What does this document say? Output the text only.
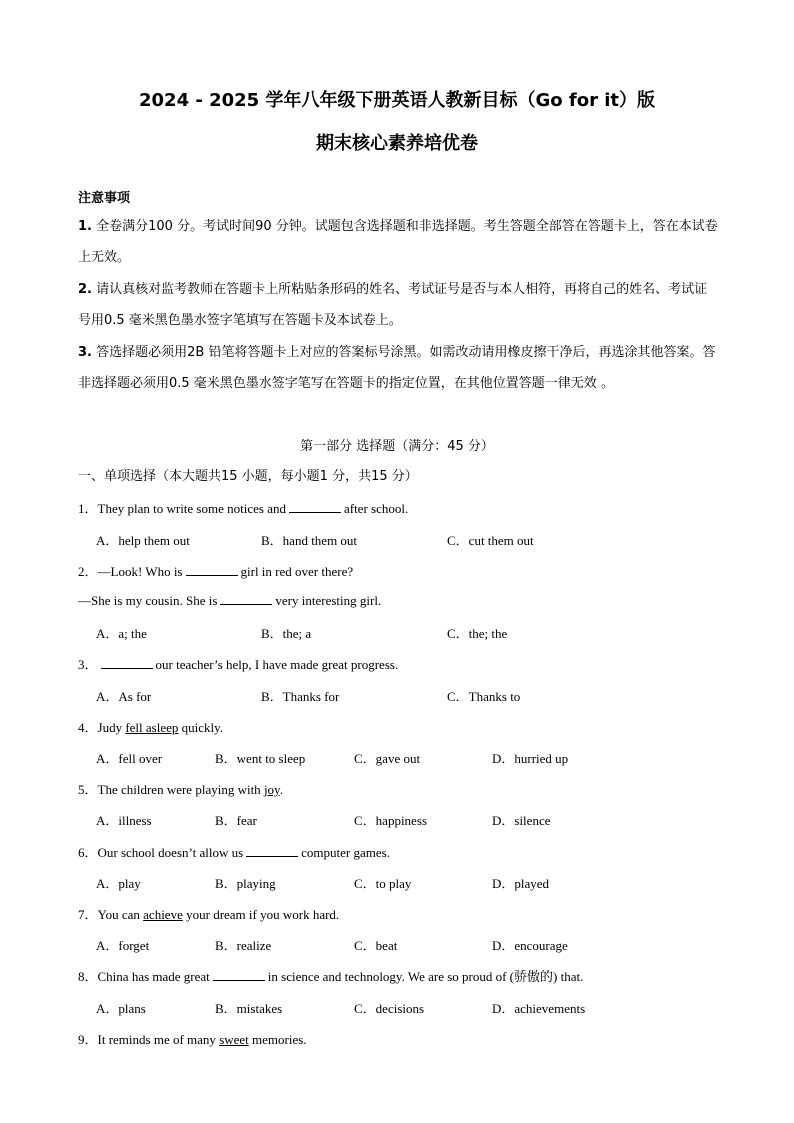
2024 - 2025 学年八年级下册英语人教新目标（Go for it）版
期末核心素养培优卷
注意事项
1. 全卷满分100 分。考试时间90 分钟。试题包含选择题和非选择题。考生答题全部答在答题卡上，答在本试卷上无效。
2. 请认真核对监考教师在答题卡上所粘贴条形码的姓名、考试证号是否与本人相符，再将自己的姓名、考试证号用0.5 毫米黑色墨水签字笔填写在答题卡及本试卷上。
3. 答选择题必须用2B 铅笔将答题卡上对应的答案标号涂黑。如需改动请用橡皮擦干净后，再选涂其他答案。答非选择题必须用0.5 毫米黑色墨水签字笔写在答题卡的指定位置，在其他位置答题一律无效 。
第一部分 选择题（满分：45 分）
一、单项选择（本大题共15 小题，每小题1 分，共15 分）
1．They plan to write some notices and	after school.
A．help them out	B．hand them out	C．cut them out
2．—Look! Who is	girl in red over there?
—She is my cousin. She is	very interesting girl.
A．a; the	B．the; a	C．the; the
3．	our teacher’s help, I have made great progress.
A．As for	B．Thanks for	C．Thanks to
4．Judy fell asleep quickly.
A．fell over	B．went to sleep	C．gave out	D．hurried up
5．The children were playing with joy.
A．illness	B．fear	C．happiness	D．silence
6．Our school doesn’t allow us	computer games.
A．play	B．playing	C．to play	D．played
7．You can achieve your dream if you work hard.
A．forget	B．realize	C．beat	D．encourage
8．China has made great	in science and technology. We are so proud of (骄傲的) that.
A．plans	B．mistakes	C．decisions	D．achievements
9．It reminds me of many sweet memories.
